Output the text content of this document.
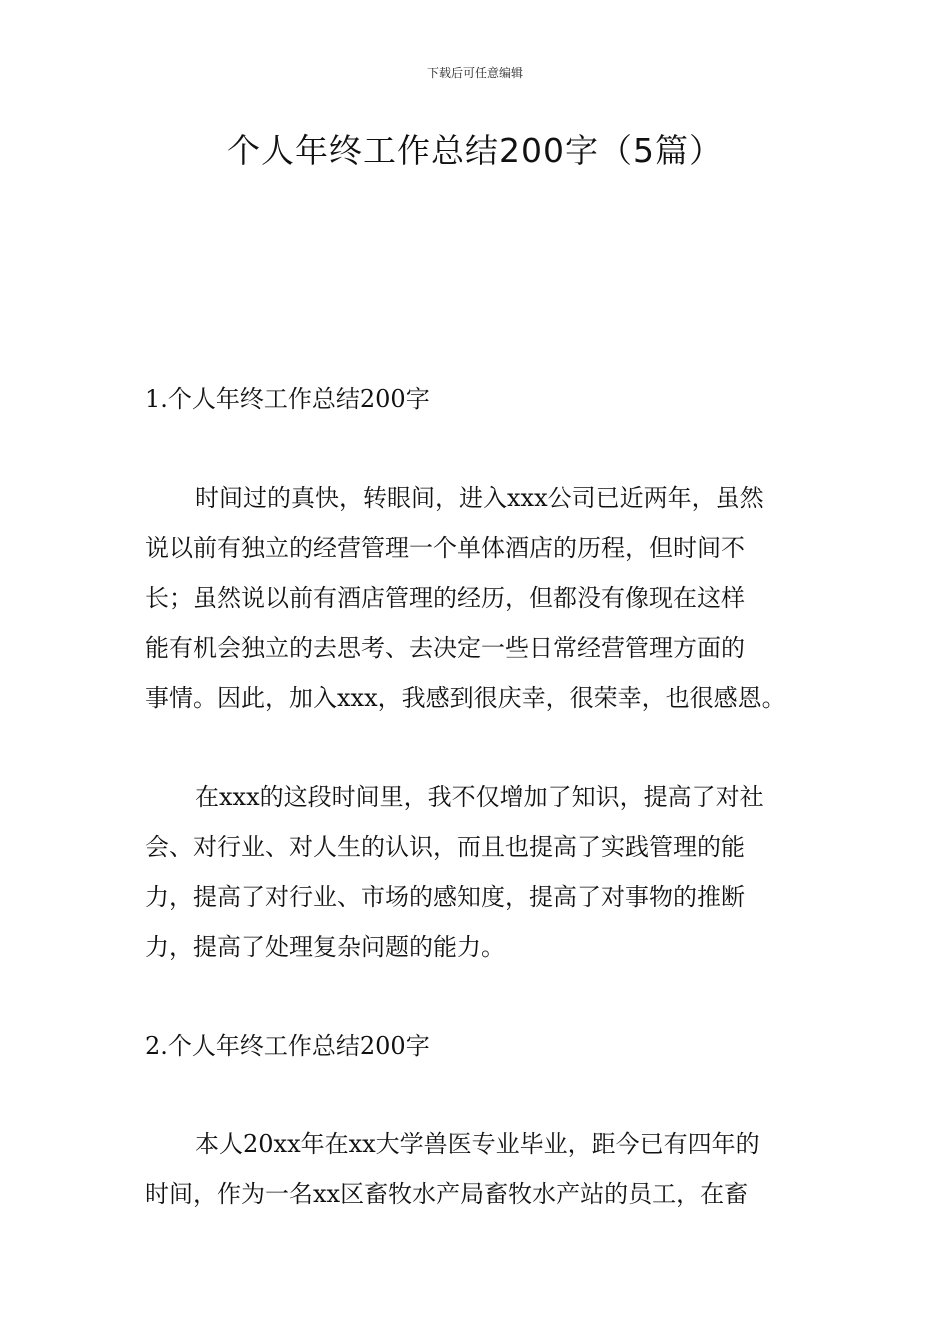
下载后可任意编辑
个人年终工作总结200字（5篇）
1.个人年终工作总结200字
时间过的真快，转眼间，进入xxx公司已近两年，虽然
说以前有独立的经营管理一个单体酒店的历程，但时间不
长；虽然说以前有酒店管理的经历，但都没有像现在这样
能有机会独立的去思考、去决定一些日常经营管理方面的
事情。因此，加入xxx，我感到很庆幸，很荣幸，也很感恩。
在xxx的这段时间里，我不仅增加了知识，提高了对社
会、对行业、对人生的认识，而且也提高了实践管理的能
力，提高了对行业、市场的感知度，提高了对事物的推断
力，提高了处理复杂问题的能力。
2.个人年终工作总结200字
本人20xx年在xx大学兽医专业毕业，距今已有四年的
时间，作为一名xx区畜牧水产局畜牧水产站的员工，在畜
